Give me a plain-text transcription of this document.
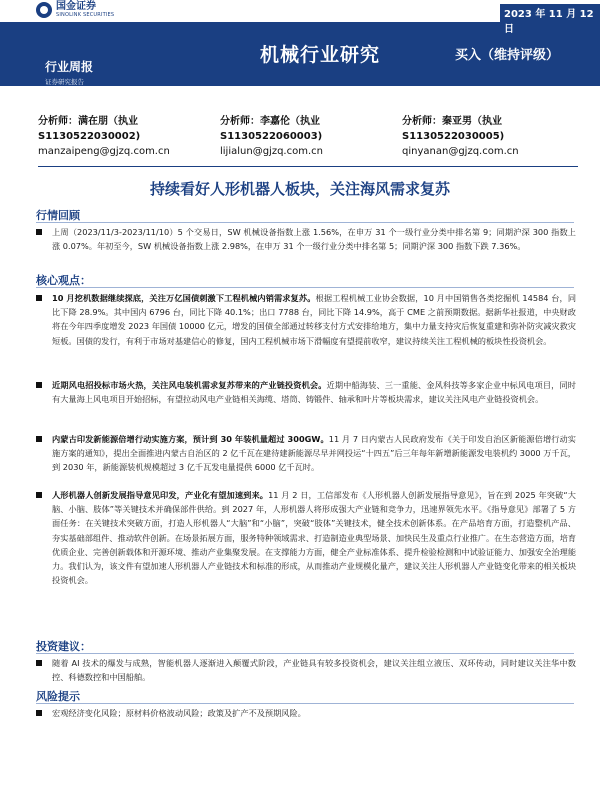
国金证券
SINOLINK SECURITIES	2023 年 11 月 12 日
机械行业研究	买入（维持评级）
行业周报
证券研究报告
分析师：满在朋（执业
S1130522030002)
manzaipeng@gjzq.com.cn
分析师：李嘉伦（执业
S1130522060003)
lijialun@gjzq.com.cn
分析师：秦亚男（执业
S1130522030005)
qinyanan@gjzq.com.cn
持续看好人形机器人板块，关注海风需求复苏
行情回顾
上周（2023/11/3-2023/11/10）5 个交易日，SW 机械设备指数上涨 1.56%，在申万 31 个一级行业分类中排名第 9；同期沪深 300 指数上涨 0.07%。年初至今，SW 机械设备指数上涨 2.98%，在申万 31 个一级行业分类中排名第 5；同期沪深 300 指数下跌 7.36%。
核心观点：
10 月挖机数据继续探底，关注万亿国债刺激下工程机械内销需求复苏。根据工程机械工业协会数据，10 月中国销售各类挖掘机 14584 台，同比下降 28.9%。其中国内 6796 台，同比下降 40.1%；出口 7788 台，同比下降 14.9%，高于 CME 之前预期数据。据新华社报道，中央财政将在今年四季度增发 2023 年国债 10000 亿元，增发的国债全部通过转移支付方式安排给地方，集中力量支持灾后恢复重建和弥补防灾减灾救灾短板。国债的发行，有利于市场对基建信心的修复，国内工程机械市场下滑幅度有望提前收窄，建议持续关注工程机械的板块性投资机会。
近期风电招投标市场火热，关注风电装机需求复苏带来的产业链投资机会。近期中船海装、三一重能、金风科技等多家企业中标风电项目，同时有大量海上风电项目开始招标，有望拉动风电产业链相关海缆、塔筒、铸锻件、轴承和叶片等板块需求，建议关注风电产业链投资机会。
内蒙古印发新能源倍增行动实施方案，预计到 30 年装机量超过 300GW。11 月 7 日内蒙古人民政府发布《关于印发自治区新能源倍增行动实施方案的通知》，提出全面推进内蒙古自治区的 2 亿千瓦在建待建新能源尽早并网投运“十四五”后三年每年新增新能源发电装机约 3000 万千瓦，到 2030 年，新能源装机规模超过 3 亿千瓦发电量提供 6000 亿千瓦时。
人形机器人创新发展指导意见印发，产业化有望加速到来。11 月 2 日，工信部发布《人形机器人创新发展指导意见》，旨在到 2025 年突破“大脑、小脑、肢体”等关键技术并确保部件供给。到 2027 年，人形机器人将形成强大产业链和竞争力，迅速界领先水平。《指导意见》部署了 5 方面任务：在关键技术突破方面，打造人形机器人“大脑”和“小脑”，突破“肢体”关键技术，健全技术创新体系。在产品培育方面，打造整机产品、夯实基础部组件、推动软件创新。在场景拓展方面，服务特种领域需求、打造制造业典型场景、加快民生及重点行业推广。在生态营造方面，培育优质企业、完善创新载体和开源环境、推动产业集聚发展。在支撑能力方面，健全产业标准体系、提升检验检测和中试验证能力、加强安全治理能力。我们认为，该文件有望加速人形机器人产业链技术和标准的形成，从而推动产业规模化量产，建议关注人形机器人产业链变化带来的相关板块投资机会。
投资建议：
随着 AI 技术的爆发与成熟，智能机器人逐渐进入颠覆式阶段，产业链具有较多投资机会，建议关注组立液压、双环传动，同时建议关注华中数控、科德数控和中国船舶。
风险提示
宏观经济变化风险；原材料价格波动风险；政策及扩产不及预期风险。
